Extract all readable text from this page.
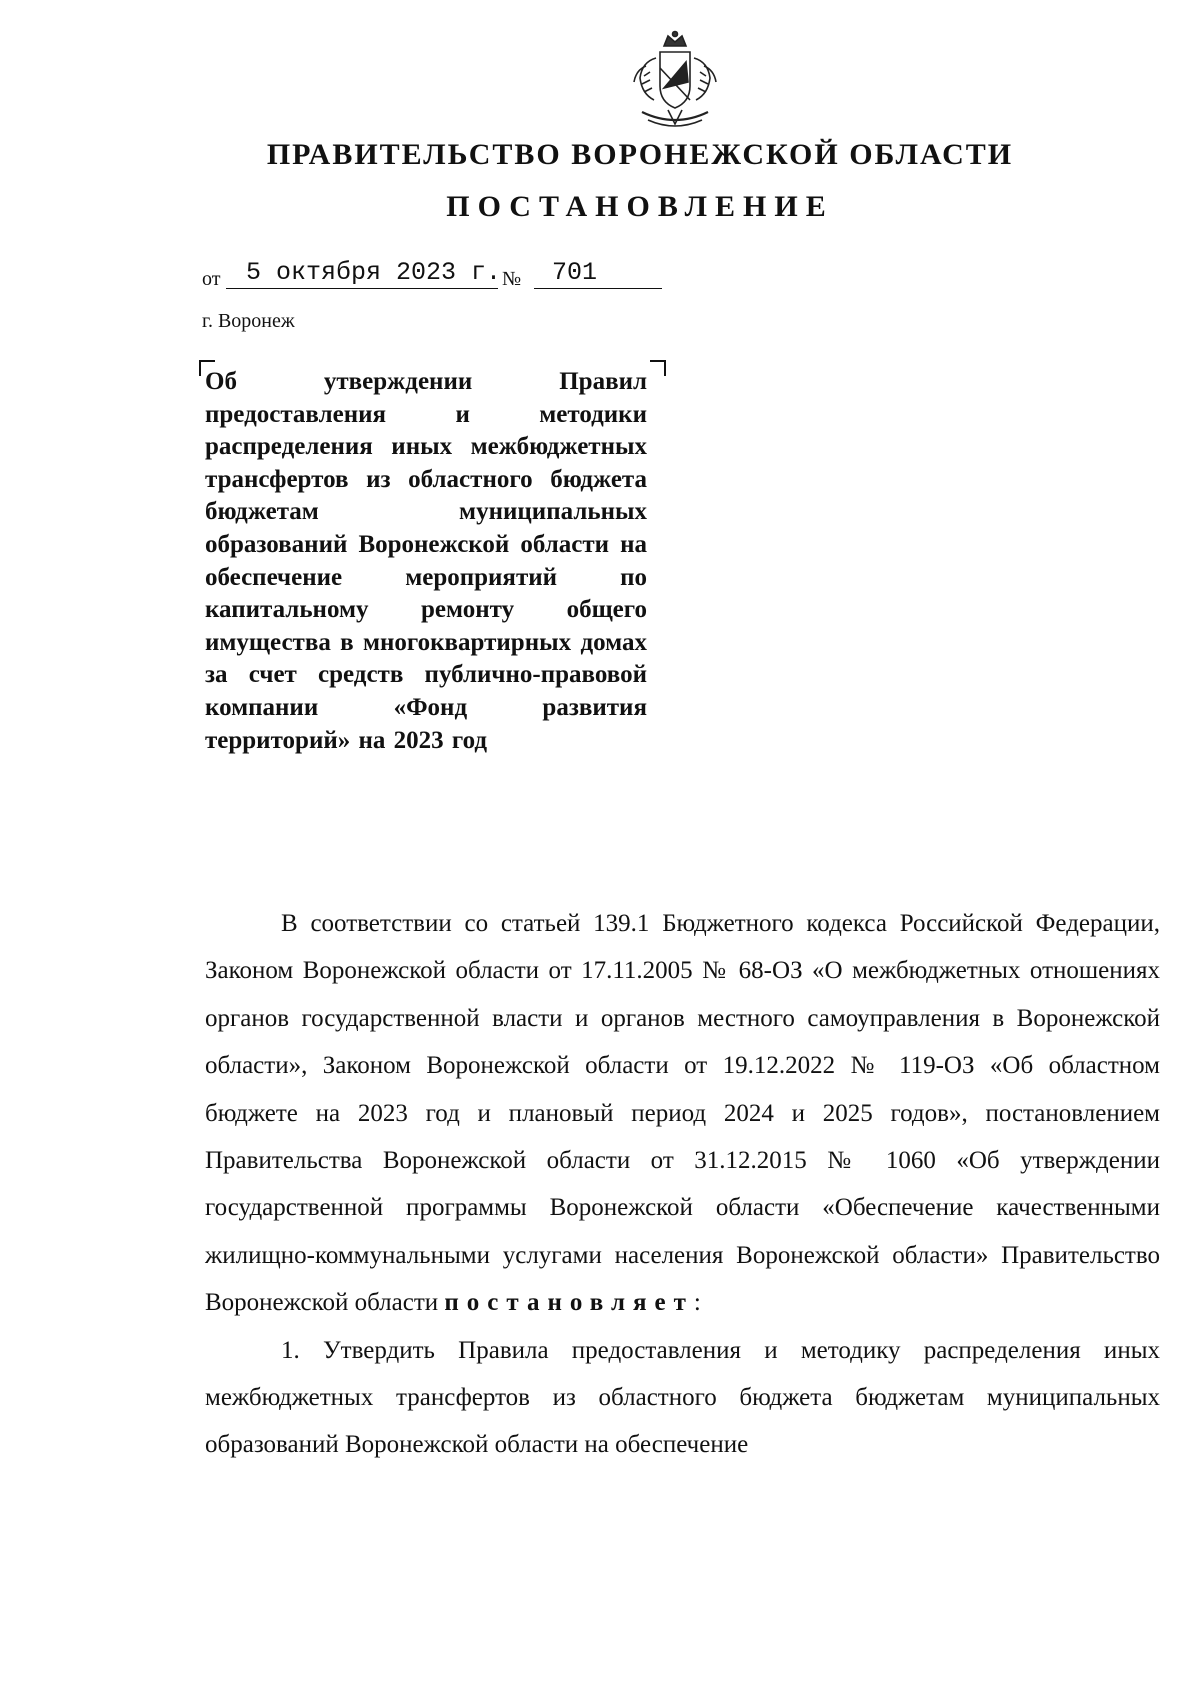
ПРАВИТЕЛЬСТВО ВОРОНЕЖСКОЙ ОБЛАСТИ
ПОСТАНОВЛЕНИЕ
от 5 октября 2023 г. № 701
г. Воронеж
Об утверждении Правил предоставления и методики распределения иных межбюджетных трансфертов из областного бюджета бюджетам муниципальных образований Воронежской области на обеспечение мероприятий по капитальному ремонту общего имущества в многоквартирных домах за счет средств публично-правовой компании «Фонд развития территорий» на 2023 год

В соответствии со статьей 139.1 Бюджетного кодекса Российской Федерации, Законом Воронежской области от 17.11.2005 № 68-ОЗ «О межбюджетных отношениях органов государственной власти и органов местного самоуправления в Воронежской области», Законом Воронежской области от 19.12.2022 № 119-ОЗ «Об областном бюджете на 2023 год и плановый период 2024 и 2025 годов», постановлением Правительства Воронежской области от 31.12.2015 № 1060 «Об утверждении государственной программы Воронежской области «Обеспечение качественными жилищно-коммунальными услугами населения Воронежской области» Правительство Воронежской области постановляет:

1. Утвердить Правила предоставления и методику распределения иных межбюджетных трансфертов из областного бюджета бюджетам муниципальных образований Воронежской области на обеспечение
